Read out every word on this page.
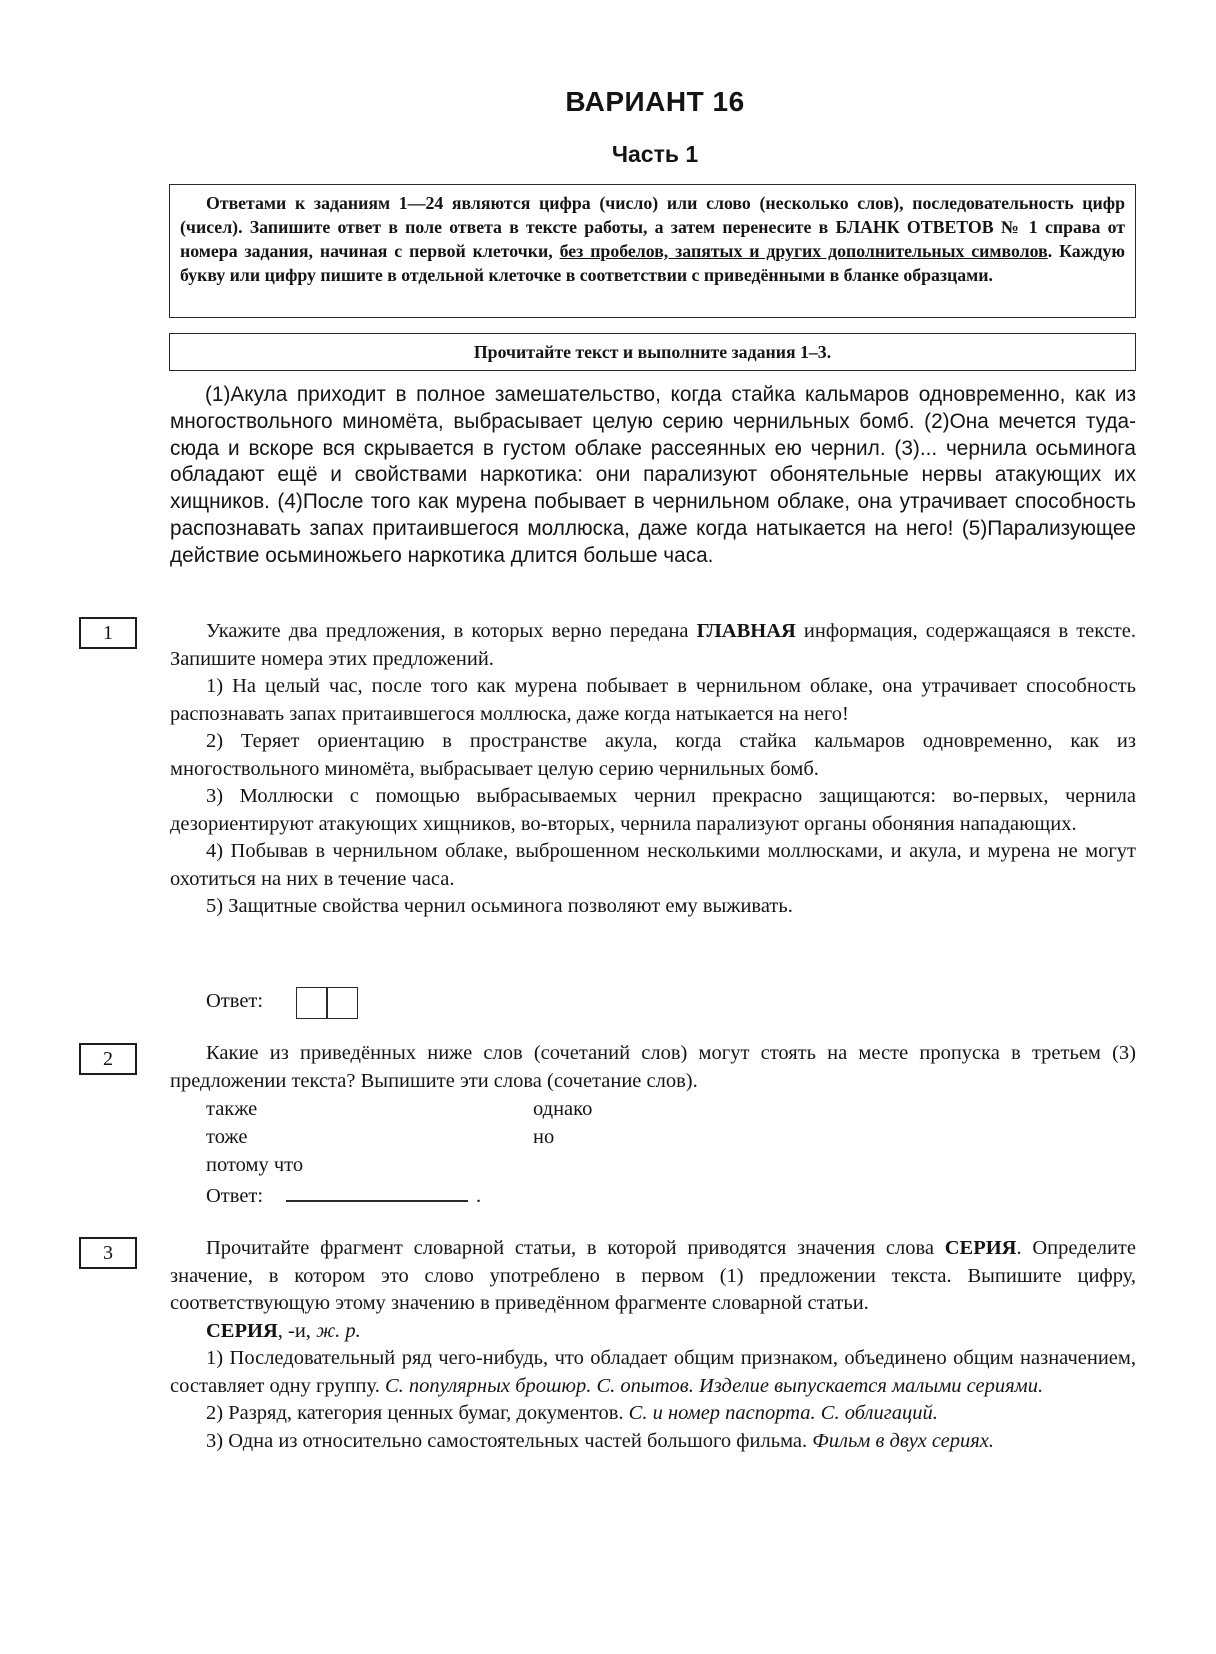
ВАРИАНТ 16
Часть 1

Ответами к заданиям 1—24 являются цифра (число) или слово (несколько слов), последовательность цифр (чисел). Запишите ответ в поле ответа в тексте работы, а затем перенесите в БЛАНК ОТВЕТОВ № 1 справа от номера задания, начиная с первой клеточки, без пробелов, запятых и других дополнительных символов. Каждую букву или цифру пишите в отдельной клеточке в соответствии с приведёнными в бланке образцами.

Прочитайте текст и выполните задания 1–3.

(1)Акула приходит в полное замешательство, когда стайка кальмаров одновременно, как из многоствольного миномёта, выбрасывает целую серию чернильных бомб. (2)Она мечется туда-сюда и вскоре вся скрывается в густом облаке рассеянных ею чернил. (3)... чернила осьминога обладают ещё и свойствами наркотика: они парализуют обонятельные нервы атакующих их хищников. (4)После того как мурена побывает в чернильном облаке, она утрачивает способность распознавать запах притаившегося моллюска, даже когда натыкается на него! (5)Парализующее действие осьминожьего наркотика длится больше часа.

1	Укажите два предложения, в которых верно передана ГЛАВНАЯ информация, содержащаяся в тексте. Запишите номера этих предложений.

1) На целый час, после того как мурена побывает в чернильном облаке, она утрачивает способность распознавать запах притаившегося моллюска, даже когда натыкается на него!

2) Теряет ориентацию в пространстве акула, когда стайка кальмаров одновременно, как из многоствольного миномёта, выбрасывает целую серию чернильных бомб.

3) Моллюски с помощью выбрасываемых чернил прекрасно защищаются: во-первых, чернила дезориентируют атакующих хищников, во-вторых, чернила парализуют органы обоняния нападающих.

4) Побывав в чернильном облаке, выброшенном несколькими моллюсками, и акула, и мурена не могут охотиться на них в течение часа.

5) Защитные свойства чернил осьминога позволяют ему выживать.

Ответ:
2	Какие из приведённых ниже слов (сочетаний слов) могут стоять на месте пропуска в третьем (3) предложении текста? Выпишите эти слова (сочетание слов).

также
тоже
потому что
однако
но
Ответ:	.
3	Прочитайте фрагмент словарной статьи, в которой приводятся значения слова СЕРИЯ. Определите значение, в котором это слово употреблено в первом (1) предложении текста. Выпишите цифру, соответствующую этому значению в приведённом фрагменте словарной статьи.

СЕРИЯ, -и, ж. р.

1) Последовательный ряд чего-нибудь, что обладает общим признаком, объединено общим назначением, составляет одну группу. С. популярных брошюр. С. опытов. Изделие выпускается малыми сериями.

2) Разряд, категория ценных бумаг, документов. С. и номер паспорта. С. облигаций.

3) Одна из относительно самостоятельных частей большого фильма. Фильм в двух сериях.
